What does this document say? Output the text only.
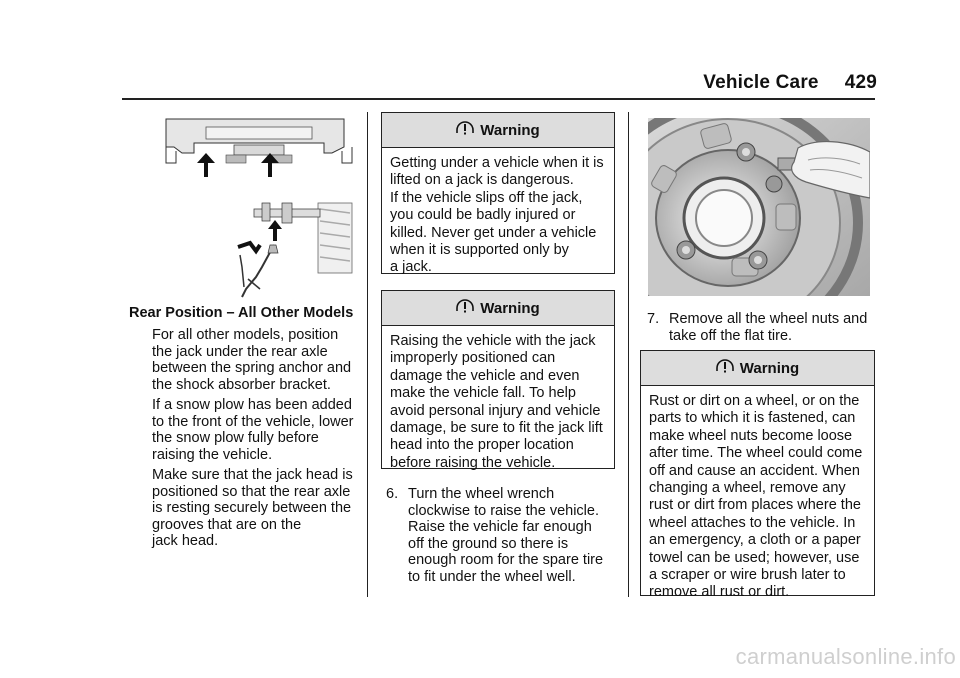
Vehicle Care 429
Rear Position – All Other Models
For all other models, position
the jack under the rear axle
between the spring anchor and
the shock absorber bracket.
If a snow plow has been added
to the front of the vehicle, lower
the snow plow fully before
raising the vehicle.
Make sure that the jack head is
positioned so that the rear axle
is resting securely between the
grooves that are on the
jack head.
Warning
Getting under a vehicle when it is
lifted on a jack is dangerous.
If the vehicle slips off the jack,
you could be badly injured or
killed. Never get under a vehicle
when it is supported only by
a jack.
Warning
Raising the vehicle with the jack
improperly positioned can
damage the vehicle and even
make the vehicle fall. To help
avoid personal injury and vehicle
damage, be sure to fit the jack lift
head into the proper location
before raising the vehicle.
6. Turn the wheel wrench
clockwise to raise the vehicle.
Raise the vehicle far enough
off the ground so there is
enough room for the spare tire
to fit under the wheel well.
7. Remove all the wheel nuts and
take off the flat tire.
Warning
Rust or dirt on a wheel, or on the
parts to which it is fastened, can
make wheel nuts become loose
after time. The wheel could come
off and cause an accident. When
changing a wheel, remove any
rust or dirt from places where the
wheel attaches to the vehicle. In
an emergency, a cloth or a paper
towel can be used; however, use
a scraper or wire brush later to
remove all rust or dirt.
carmanualsonline.info
